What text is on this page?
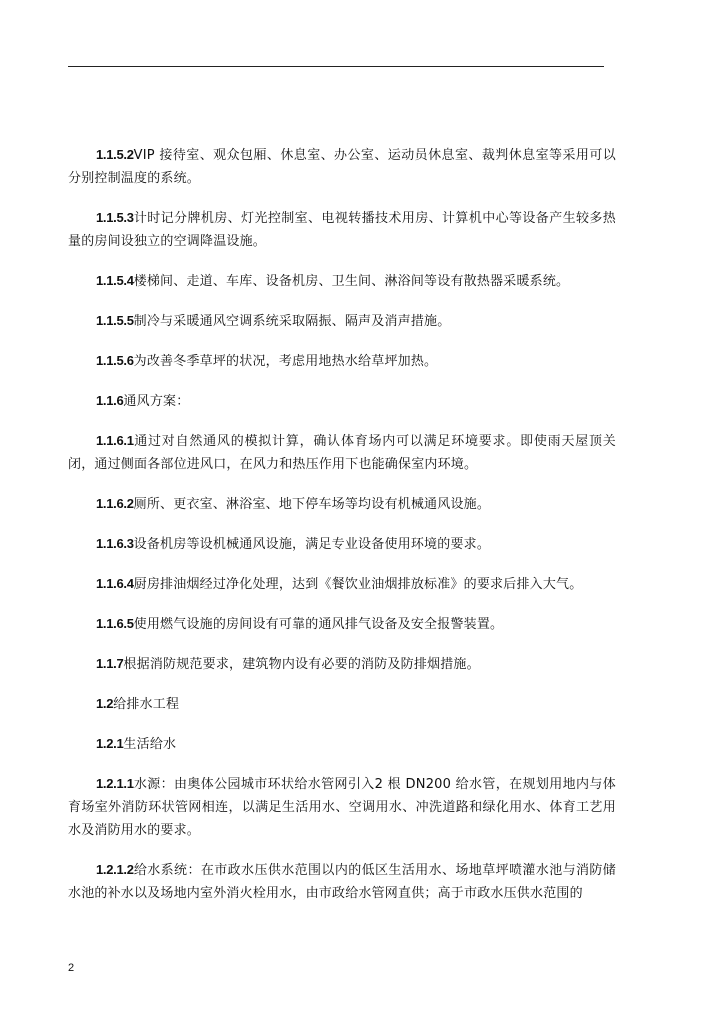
1.1.5.2VIP 接待室、观众包厢、休息室、办公室、运动员休息室、裁判休息室等采用可以分别控制温度的系统。

1.1.5.3计时记分牌机房、灯光控制室、电视转播技术用房、计算机中心等设备产生较多热量的房间设独立的空调降温设施。

1.1.5.4楼梯间、走道、车库、设备机房、卫生间、淋浴间等设有散热器采暖系统。

1.1.5.5制冷与采暖通风空调系统采取隔振、隔声及消声措施。

1.1.5.6为改善冬季草坪的状况，考虑用地热水给草坪加热。

1.1.6通风方案：

1.1.6.1通过对自然通风的模拟计算，确认体育场内可以满足环境要求。即使雨天屋顶关闭，通过侧面各部位进风口，在风力和热压作用下也能确保室内环境。

1.1.6.2厕所、更衣室、淋浴室、地下停车场等均设有机械通风设施。

1.1.6.3设备机房等设机械通风设施，满足专业设备使用环境的要求。

1.1.6.4厨房排油烟经过净化处理，达到《餐饮业油烟排放标准》的要求后排入大气。

1.1.6.5使用燃气设施的房间设有可靠的通风排气设备及安全报警装置。

1.1.7根据消防规范要求，建筑物内设有必要的消防及防排烟措施。

1.2给排水工程

1.2.1生活给水

1.2.1.1水源：由奥体公园城市环状给水管网引入2 根 DN200 给水管，在规划用地内与体育场室外消防环状管网相连，以满足生活用水、空调用水、冲洗道路和绿化用水、体育工艺用水及消防用水的要求。

1.2.1.2给水系统：在市政水压供水范围以内的低区生活用水、场地草坪喷灌水池与消防储水池的补水以及场地内室外消火栓用水，由市政给水管网直供；高于市政水压供水范围的

2
